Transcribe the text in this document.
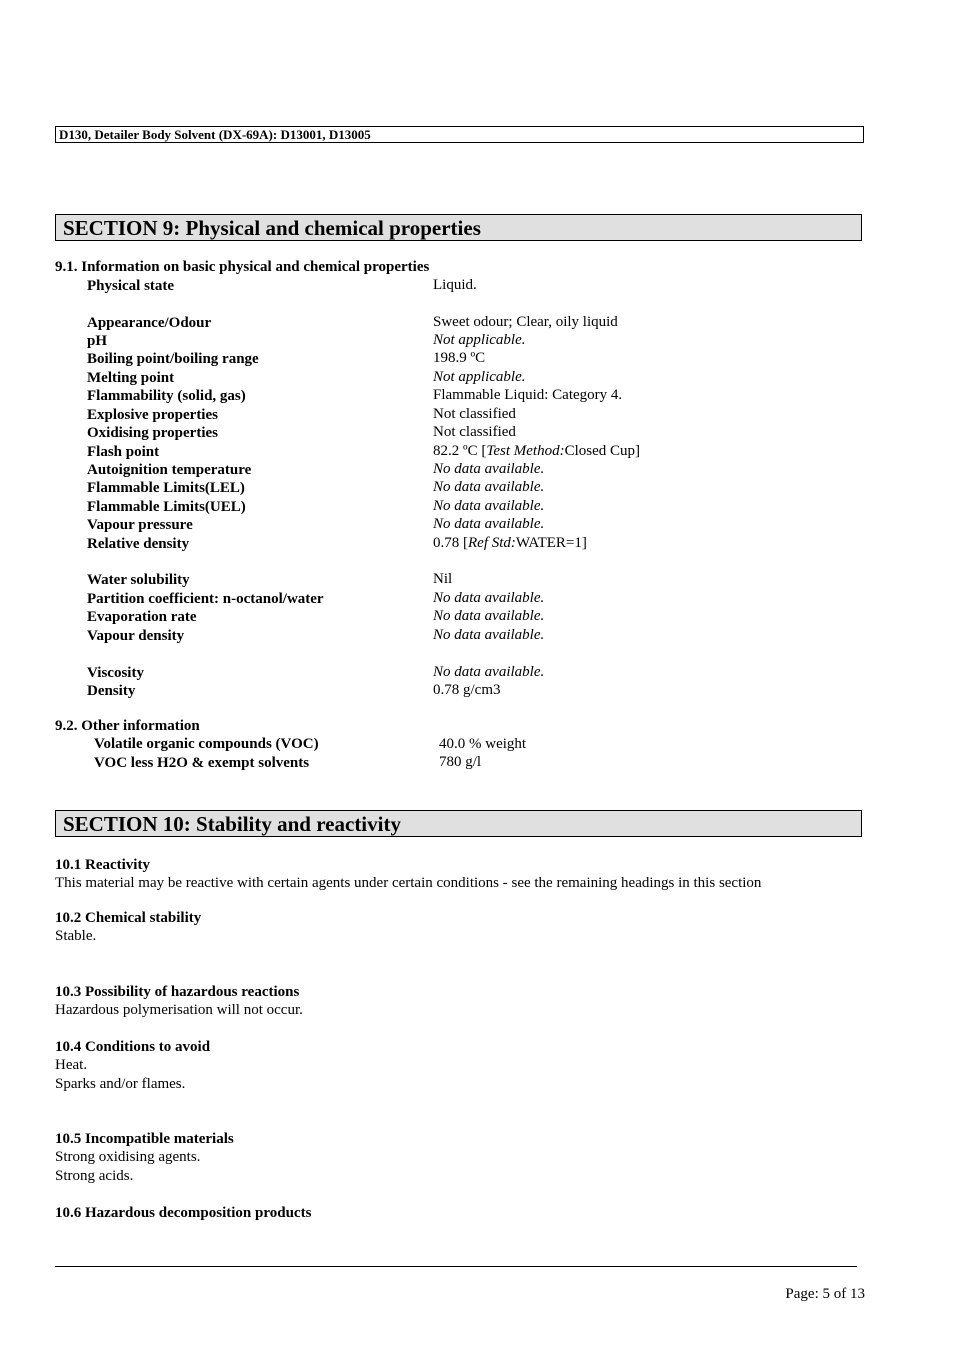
D130, Detailer Body Solvent (DX-69A): D13001, D13005
SECTION 9: Physical and chemical properties
9.1. Information on basic physical and chemical properties
Physical state	Liquid.
Appearance/Odour	Sweet odour; Clear, oily liquid
pH	Not applicable.
Boiling point/boiling range	198.9 ºC
Melting point	Not applicable.
Flammability (solid, gas)	Flammable Liquid: Category 4.
Explosive properties	Not classified
Oxidising properties	Not classified
Flash point	82.2 ºC [Test Method:Closed Cup]
Autoignition temperature	No data available.
Flammable Limits(LEL)	No data available.
Flammable Limits(UEL)	No data available.
Vapour pressure	No data available.
Relative density	0.78 [Ref Std:WATER=1]
Water solubility	Nil
Partition coefficient: n-octanol/water	No data available.
Evaporation rate	No data available.
Vapour density	No data available.
Viscosity	No data available.
Density	0.78 g/cm3
9.2. Other information
Volatile organic compounds (VOC)	40.0 % weight
VOC less H2O & exempt solvents	780 g/l
SECTION 10: Stability and reactivity
10.1 Reactivity
This material may be reactive with certain agents under certain conditions - see the remaining headings in this section
10.2 Chemical stability
Stable.
10.3 Possibility of hazardous reactions
Hazardous polymerisation will not occur.
10.4 Conditions to avoid
Heat.
Sparks and/or flames.
10.5 Incompatible materials
Strong oxidising agents.
Strong acids.
10.6 Hazardous decomposition products
Page: 5 of 13
